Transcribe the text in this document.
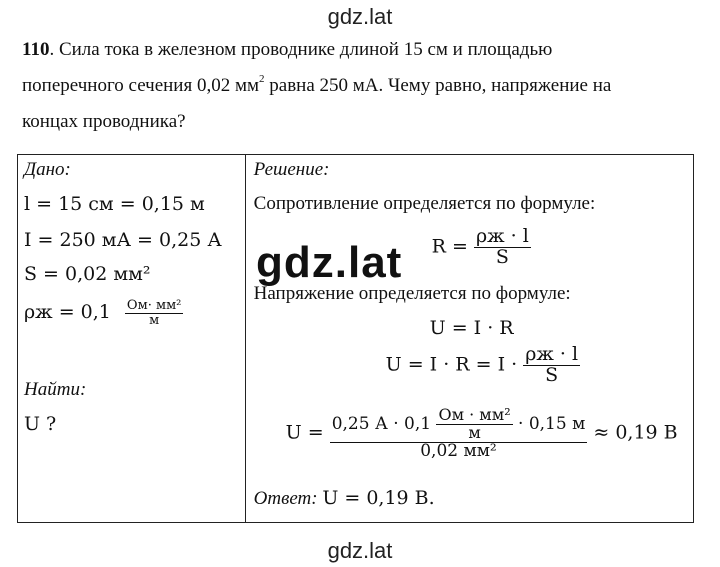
gdz.lat
110. Сила тока в железном проводнике длиной 15 см и площадью
поперечного сечения 0,02 $мм^2$ равна 250 мА. Чему равно, напряжение на
концах проводника?
Дано:
l = 15 см = 0,15 м
I = 250 мА = 0,25 А
S = 0,02 мм²
$\rho ж = 0,1 \frac{\text{Ом· мм²}}{м}$
Найти:
U ?

Решение:
Сопротивление определяется по формуле:
$R = \frac{\rho ж \cdot l}{S}$
Напряжение определяется по формуле:
U = I · R
$U = I \cdot R = I \cdot \frac{\rho ж \cdot l}{S}$
U = 0,25 $А \cdot 0,1 \frac{\text{Ом · мм²}}{м} \cdot 0,15$ м
0,02 мм²
≈ 0,19 В
Ответ: U = 0,19 В.
gdz.lat
gdz.lat
